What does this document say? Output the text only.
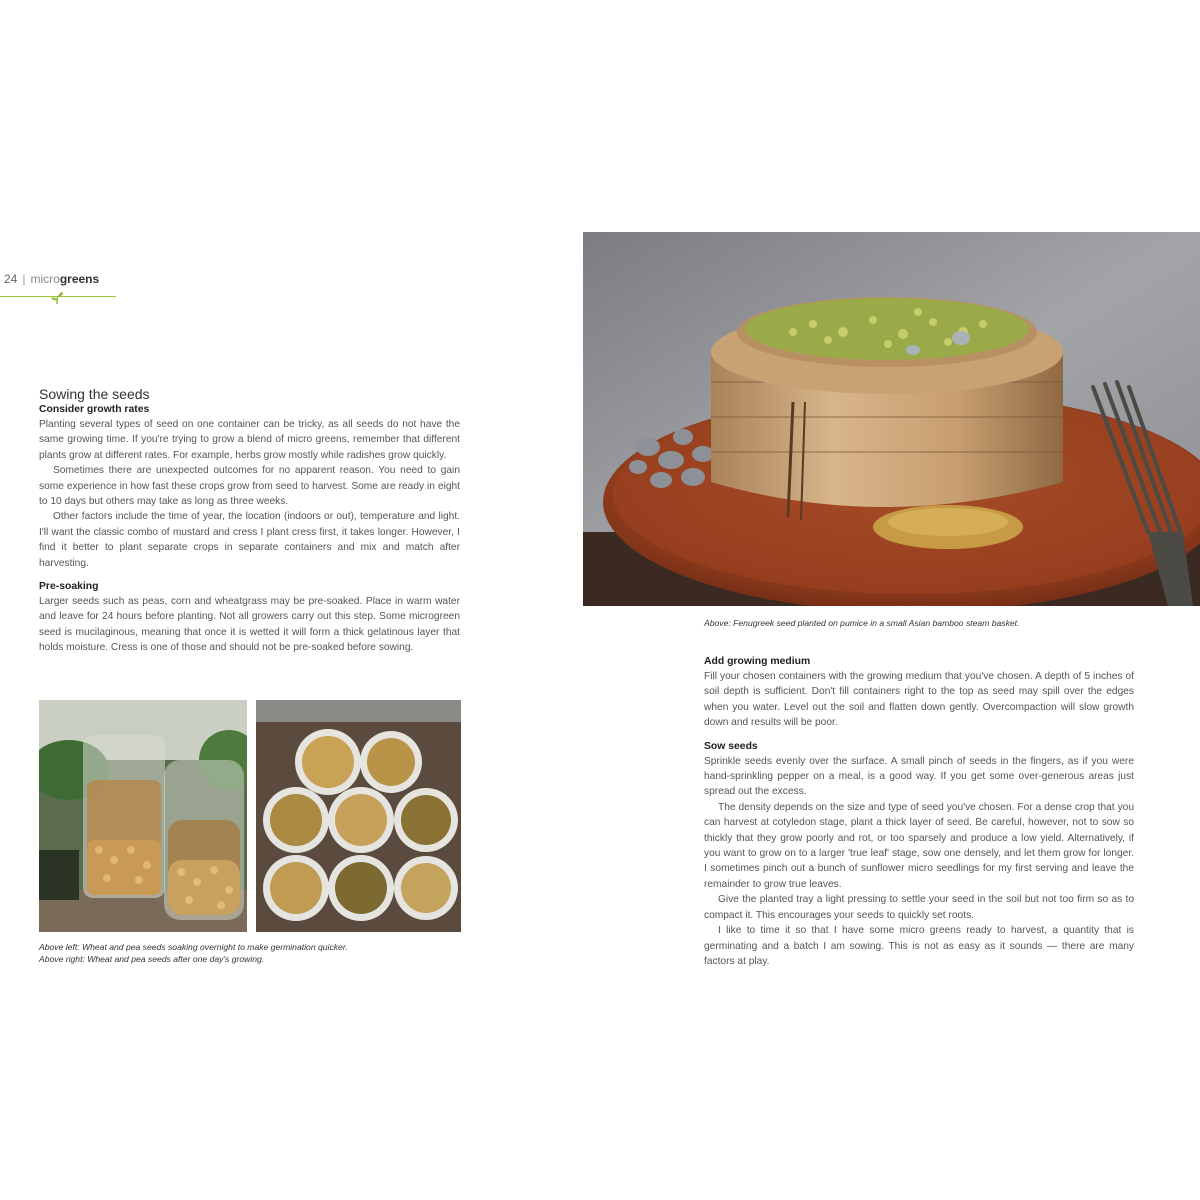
24 | microgreens
Sowing the seeds
Consider growth rates

Planting several types of seed on one container can be tricky, as all seeds do not have the same growing time. If you're trying to grow a blend of micro greens, remember that different plants grow at different rates. For example, herbs grow mostly while radishes grow quickly.

Sometimes there are unexpected outcomes for no apparent reason. You need to gain some experience in how fast these crops grow from seed to harvest. Some are ready in eight to 10 days but others may take as long as three weeks.

Other factors include the time of year, the location (indoors or out), temperature and light. I'll want the classic combo of mustard and cress I plant cress first, it takes longer. However, I find it better to plant separate crops in separate containers and mix and match after harvesting.

Pre-soaking

Larger seeds such as peas, corn and wheatgrass may be pre-soaked. Place in warm water and leave for 24 hours before planting. Not all growers carry out this step. Some microgreen seed is mucilaginous, meaning that once it is wetted it will form a thick gelatinous layer that holds moisture. Cress is one of those and should not be pre-soaked before sowing.

Above: Fenugreek seed planted on pumice in a small Asian bamboo steam basket.
Above left: Wheat and pea seeds soaking overnight to make germination quicker.
Above right: Wheat and pea seeds after one day's growing.
Add growing medium

Fill your chosen containers with the growing medium that you've chosen. A depth of 5 inches of soil depth is sufficient. Don't fill containers right to the top as seed may spill over the edges when you water. Level out the soil and flatten down gently. Overcompaction will slow growth down and results will be poor.

Sow seeds

Sprinkle seeds evenly over the surface. A small pinch of seeds in the fingers, as if you were hand-sprinkling pepper on a meal, is a good way. If you get some over-generous areas just spread out the excess.

The density depends on the size and type of seed you've chosen. For a dense crop that you can harvest at cotyledon stage, plant a thick layer of seed. Be careful, however, not to sow so thickly that they grow poorly and rot, or too sparsely and produce a low yield. Alternatively, if you want to grow on to a larger 'true leaf' stage, sow one densely, and let them grow for longer. I sometimes pinch out a bunch of sunflower micro seedlings for my first serving and leave the remainder to grow true leaves.

Give the planted tray a light pressing to settle your seed in the soil but not too firm so as to compact it. This encourages your seeds to quickly set roots.

I like to time it so that I have some micro greens ready to harvest, a quantity that is germinating and a batch I am sowing. This is not as easy as it sounds — there are many factors at play.
